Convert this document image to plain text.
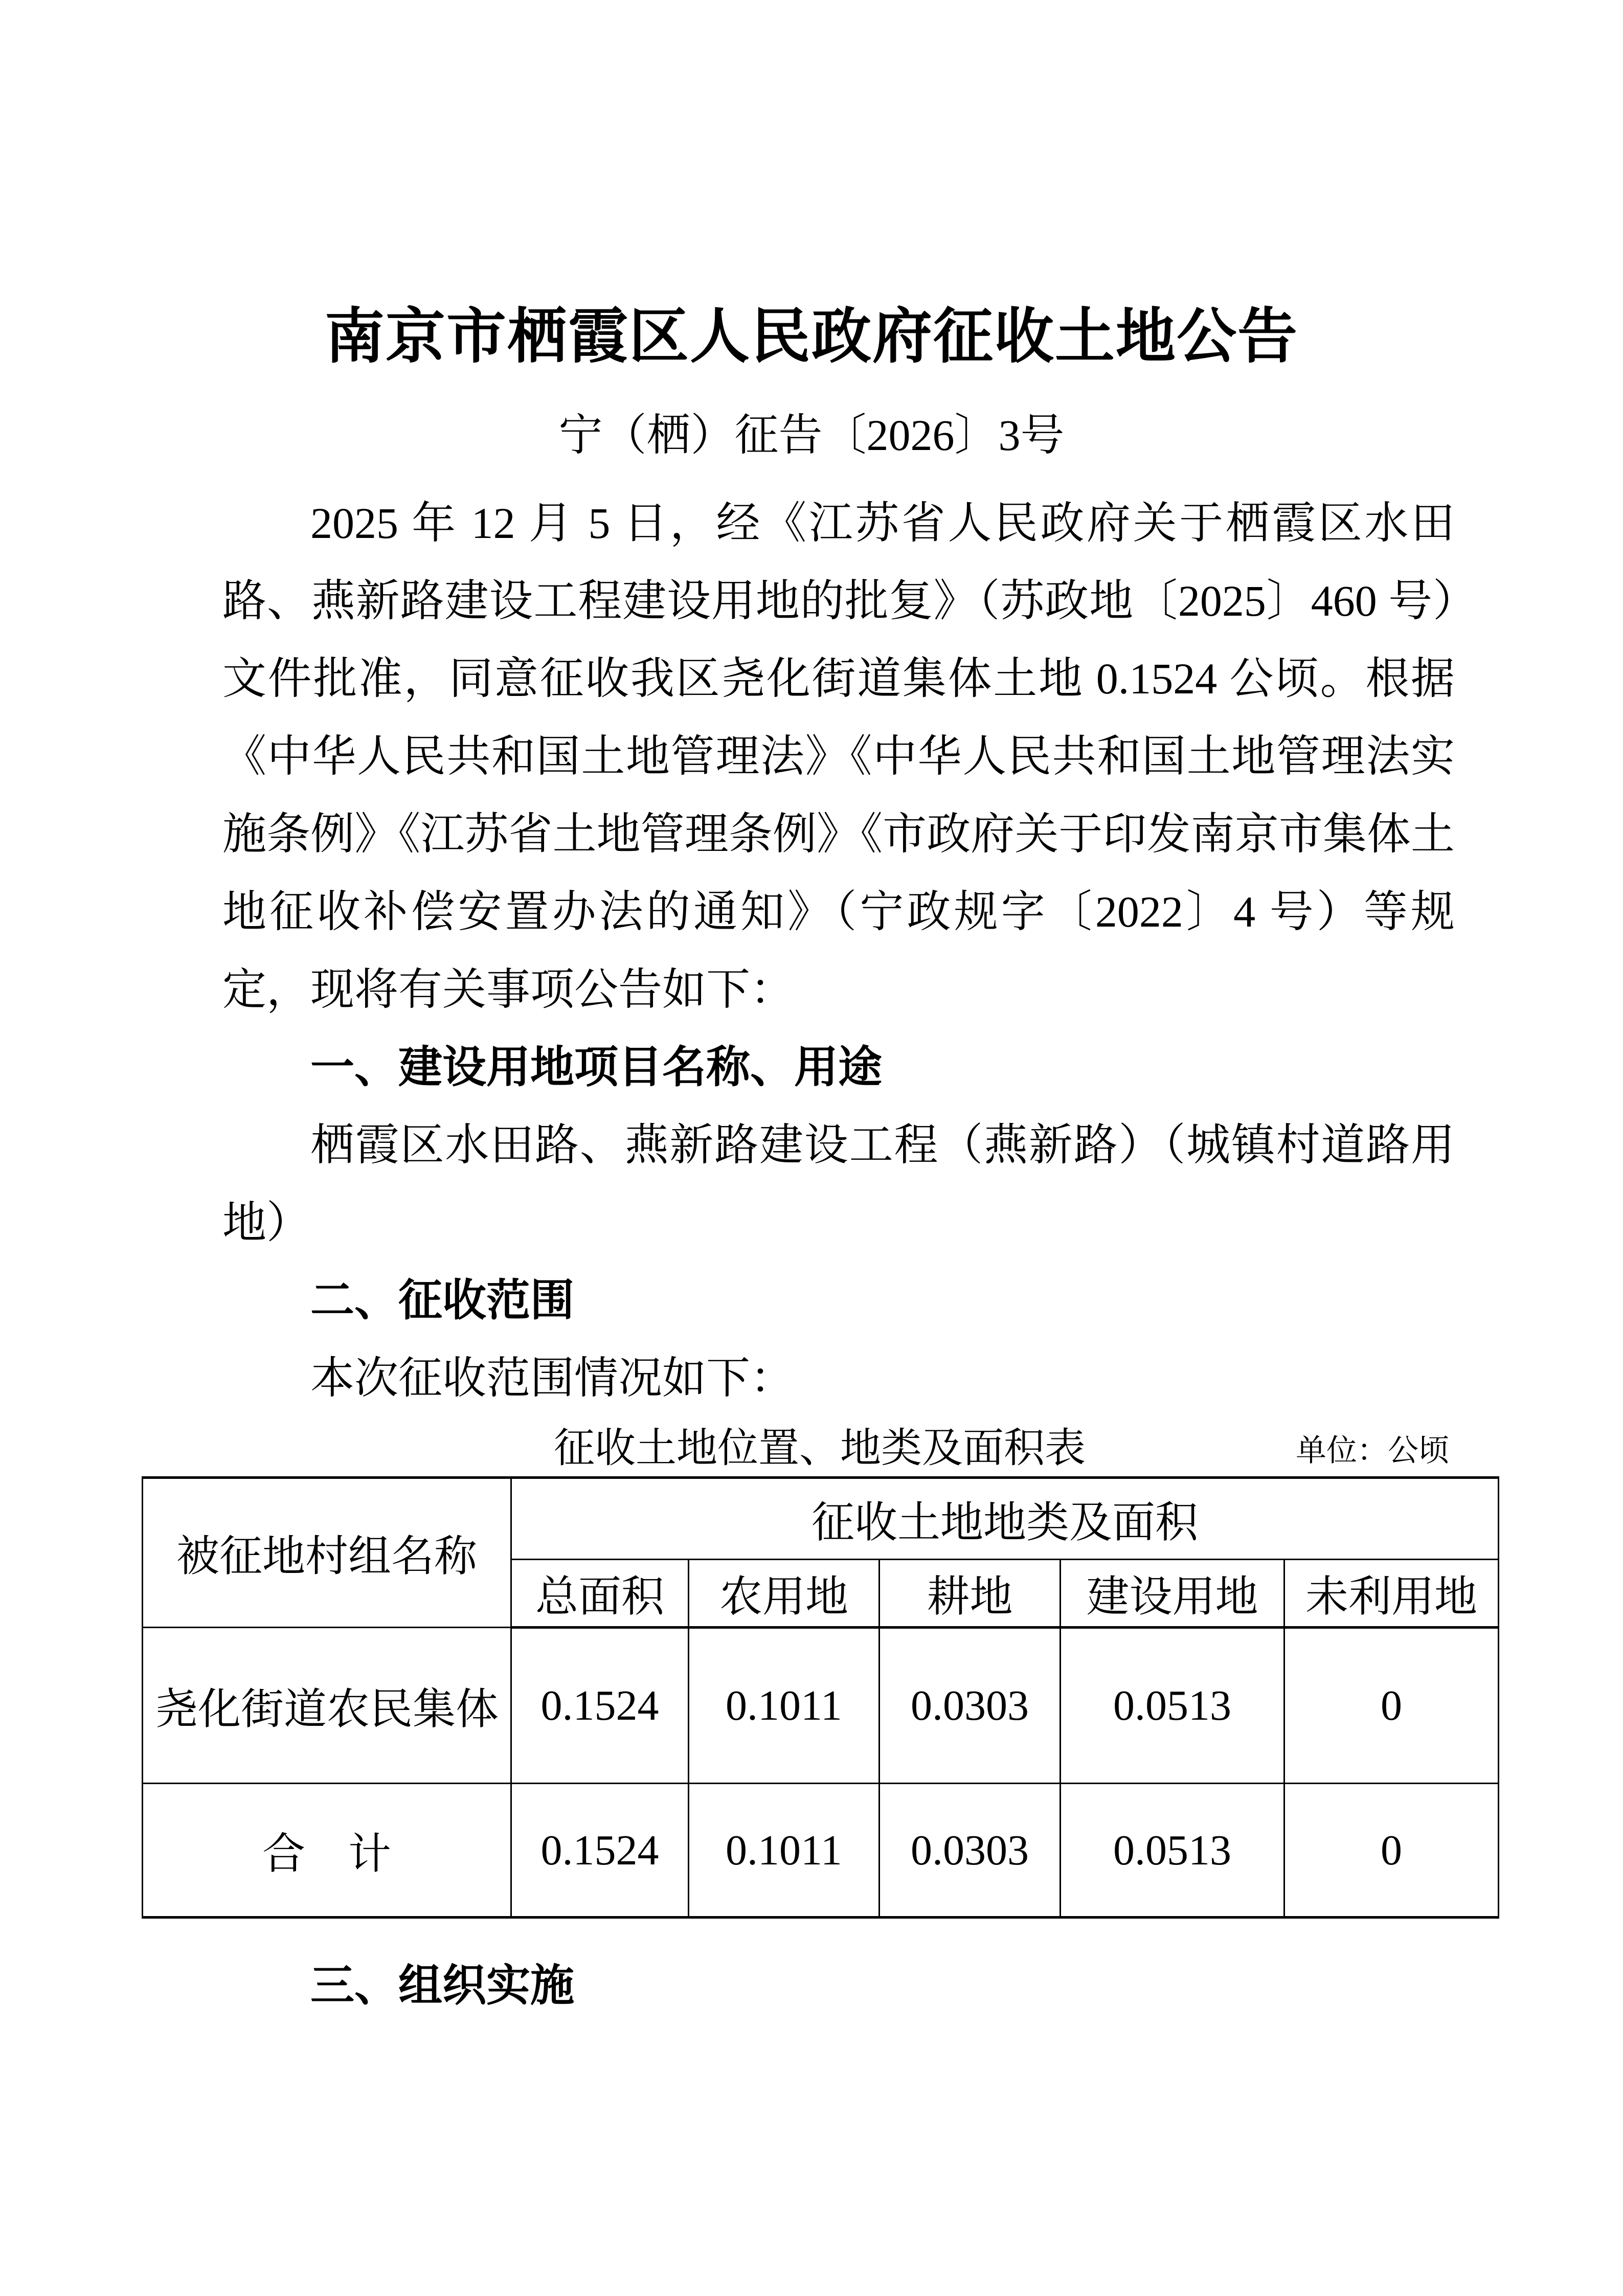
南京市栖霞区人民政府征收土地公告
宁（栖）征告〔2026〕3号

2025 年 12 月 5 日，经《江苏省人民政府关于栖霞区水田路、燕新路建设工程建设用地的批复》（苏政地〔2025〕460 号）文件批准，同意征收我区尧化街道集体土地 0.1524 公顷。根据《中华人民共和国土地管理法》《中华人民共和国土地管理法实施条例》《江苏省土地管理条例》《市政府关于印发南京市集体土地征收补偿安置办法的通知》（宁政规字〔2022〕4 号）等规定，现将有关事项公告如下：

一、建设用地项目名称、用途

栖霞区水田路、燕新路建设工程（燕新路）（城镇村道路用地）

二、征收范围

本次征收范围情况如下：

征收土地位置、地类及面积表	单位：公顷
被征地村组名称	征收土地地类及面积				
	总面积	农用地	耕地	建设用地	未利用地
尧化街道农民集体	0.1524	0.1011	0.0303	0.0513	0
合　计	0.1524	0.1011	0.0303	0.0513	0

三、组织实施
